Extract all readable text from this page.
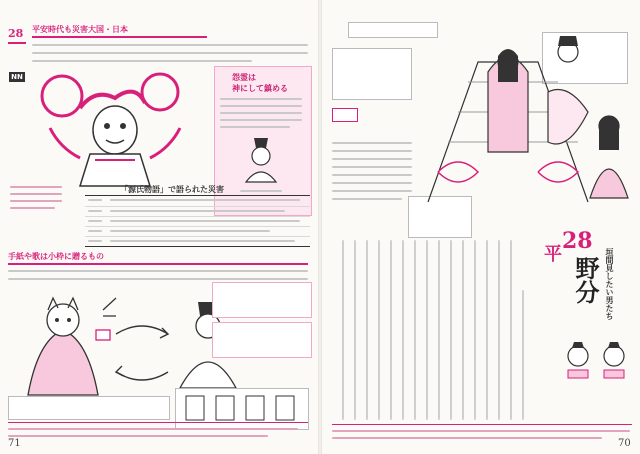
28
NN
平安時代も災害大国・日本
怨霊は
神にして鎮める
「源氏物語」で語られた災害
手紙や歌は小枠に贈るもの
71
28
野分
平	垣間見したい男たち
70
